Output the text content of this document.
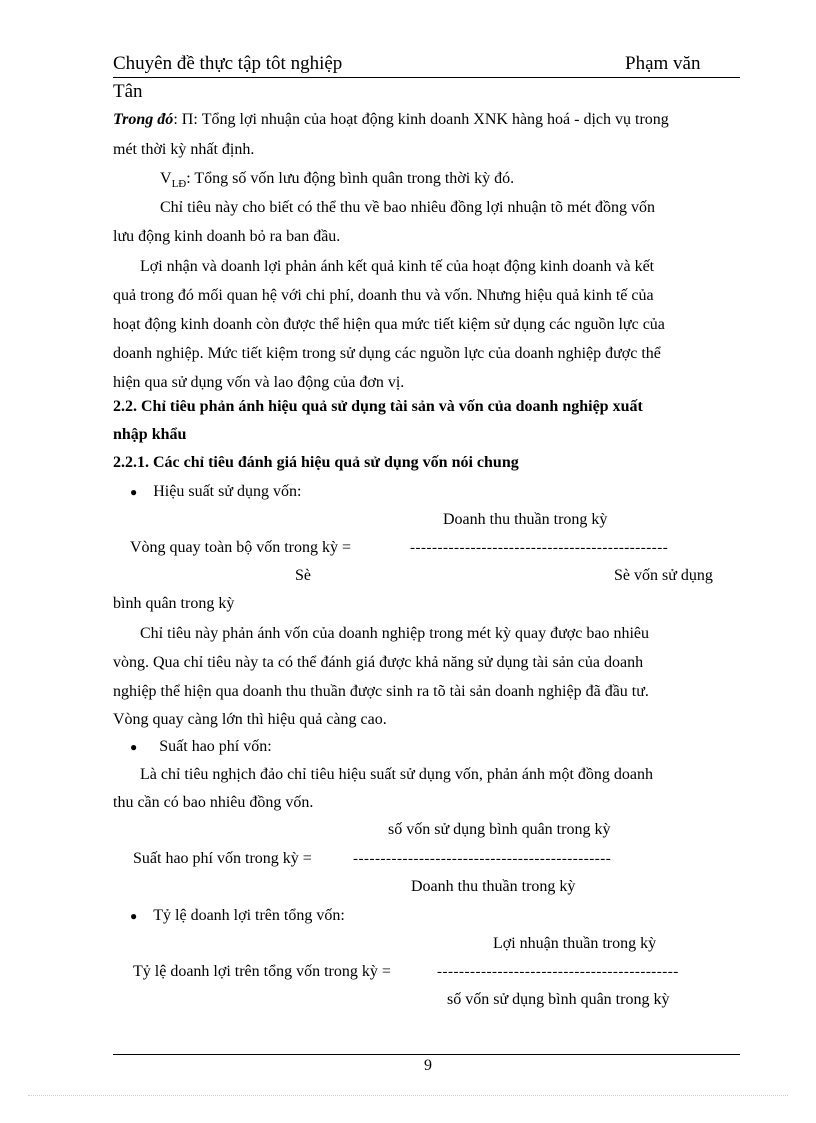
Chuyên đề thực tập tôt nghiệp	Phạm văn
Tân
Trong đó: Π: Tổng lợi nhuận của hoạt động kinh doanh XNK hàng hoá - dịch vụ trong
mét thời kỳ nhất định.
$V_{LĐ}$: Tổng số vốn lưu động bình quân trong thời kỳ đó.
Chỉ tiêu này cho biết có thể thu về bao nhiêu đồng lợi nhuận tõ mét đồng vốn
lưu động kinh doanh bỏ ra ban đầu.
Lợi nhận và doanh lợi phản ánh kết quả kinh tế của hoạt động kinh doanh và kết
quả trong đó mối quan hệ với chi phí, doanh thu và vốn. Nhưng hiệu quả kinh tế của
hoạt động kinh doanh còn được thể hiện qua mức tiết kiệm sử dụng các nguồn lực của
doanh nghiệp. Mức tiết kiệm trong sử dụng các nguồn lực của doanh nghiệp được thể
hiện qua sử dụng vốn và lao động của đơn vị.
2.2. Chỉ tiêu phản ánh hiệu quả sử dụng tài sản và vốn của doanh nghiệp xuất
nhập khẩu
2.2.1. Các chỉ tiêu đánh giá hiệu quả sử dụng vốn nói chung
● Hiệu suất sử dụng vốn:
Doanh thu thuần trong kỳ
Vòng quay toàn bộ vốn trong kỳ =	-----------------------------------------------
Sè	Sè vốn sử dụng
bình quân trong kỳ
Chỉ tiêu này phản ánh vốn của doanh nghiệp trong mét kỳ quay được bao nhiêu
vòng. Qua chỉ tiêu này ta có thể đánh giá được khả năng sử dụng tài sản của doanh
nghiệp thể hiện qua doanh thu thuần được sinh ra tõ tài sản doanh nghiệp đã đầu tư.
Vòng quay càng lớn thì hiệu quả càng cao.
● Suất hao phí vốn:
Là chỉ tiêu nghịch đảo chỉ tiêu hiệu suất sử dụng vốn, phản ánh một đồng doanh
thu cần có bao nhiêu đồng vốn.
số vốn sử dụng bình quân trong kỳ
Suất hao phí vốn trong kỳ =	-----------------------------------------------
Doanh thu thuần trong kỳ
● Tỷ lệ doanh lợi trên tổng vốn:
Lợi nhuận thuần trong kỳ
Tỷ lệ doanh lợi trên tổng vốn trong kỳ =	--------------------------------------------
số vốn sử dụng bình quân trong kỳ
9
